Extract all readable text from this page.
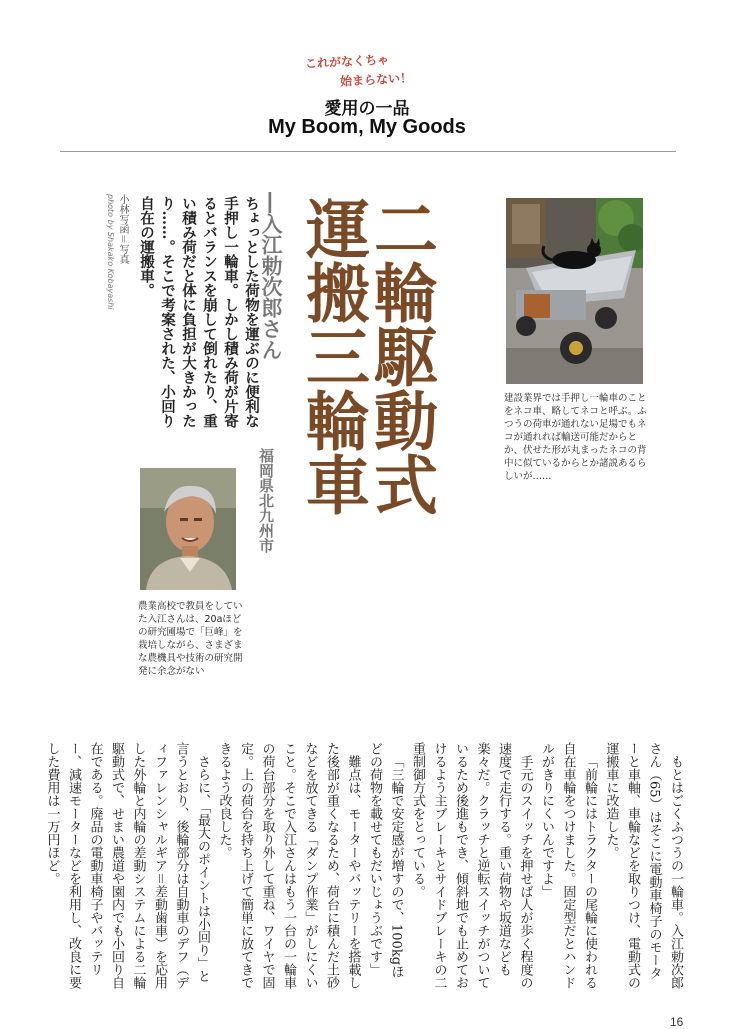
これがなくちゃ
始まらない！
愛用の一品
My Boom, My Goods
二輪駆動式運搬三輪車
―入江勅次郎さん
福岡県北九州市
ちょっとした荷物を運ぶのに便利な手押し一輪車。しかし積み荷が片寄るとバランスを崩して倒れたり、重い積み荷だと体に負担が大きかったり……。そこで考案された、小回り自在の運搬車。
小林写函＝写真
photo by Shakako Kobayashi
建設業界では手押し一輪車のことをネコ車、略してネコと呼ぶ。ふつうの荷車が通れない足場でもネコが通れれば輸送可能だからとか、伏せた形が丸まったネコの背中に似ているからとか諸説あるらしいが……
農業高校で教員をしていた入江さんは、20aほどの研究圃場で「巨峰」を栽培しながら、さまざまな農機具や技術の研究開発に余念がない

もとはごくふつうの一輪車。入江勅次郎さん（65）はそこに電動車椅子のモーターと車軸、車輪などを取りつけ、電動式の運搬車に改造した。

「前輪にはトラクターの尾輪に使われる自在車輪をつけました。固定型だとハンドルがきりにくいんですよ」

手元のスイッチを押せば人が歩く程度の速度で走行する。重い荷物や坂道なども楽々だ。クラッチと逆転スイッチがついているため後進もでき、傾斜地でも止めておけるよう主ブレーキとサイドブレーキの二重制御方式をとっている。

「三輪で安定感が増すので、100kgほどの荷物を載せてもだいじょうぶです」

難点は、モーターやバッテリーを搭載した後部が重くなるため、荷台に積んだ土砂などを放てきる「ダンプ作業」がしにくいこと。そこで入江さんはもう一台の一輪車の荷台部分を取り外して重ね、ワイヤで固定。上の荷台を持ち上げて簡単に放てきできるよう改良した。

さらに、「最大のポイントは小回り」と言うとおり、後輪部分は自動車のデフ（ディファレンシャルギア＝差動歯車）を応用した外輪と内輪の差動システムによる二輪駆動式で、せまい農道や園内でも小回り自在である。廃品の電動車椅子やバッテリー、減速モーターなどを利用し、改良に要した費用は一万円ほど。

16
